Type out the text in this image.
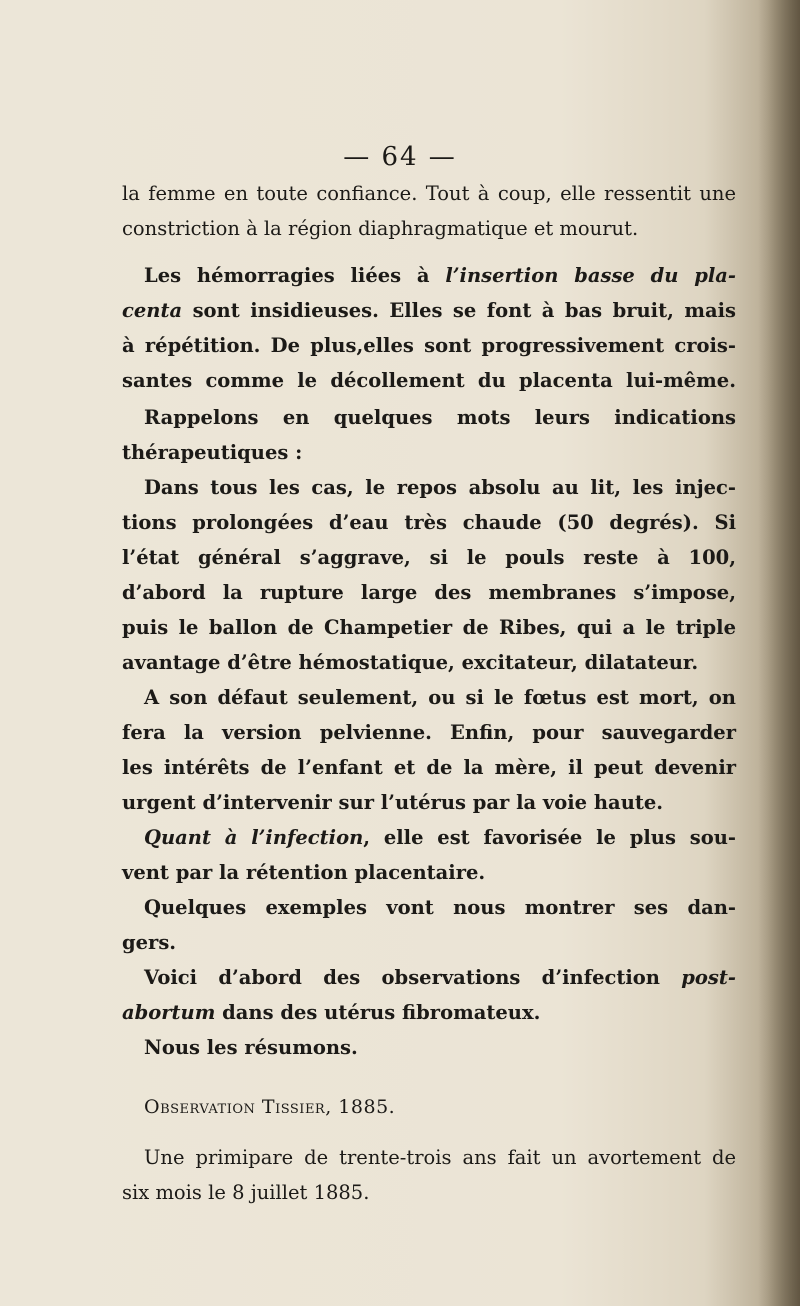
— 64 —
la femme en toute confiance. Tout à coup, elle ressentit une
constriction à la région diaphragmatique et mourut.
Les hémorragies liées à l’insertion basse du pla-
centa sont insidieuses. Elles se font à bas bruit, mais
à répétition. De plus,elles sont progressivement crois-
santes comme le décollement du placenta lui-même.
Rappelons en quelques mots leurs indications
thérapeutiques :
Dans tous les cas, le repos absolu au lit, les injec-
tions prolongées d’eau très chaude (50 degrés). Si
l’état général s’aggrave, si le pouls reste à 100,
d’abord la rupture large des membranes s’impose,
puis le ballon de Champetier de Ribes, qui a le triple
avantage d’être hémostatique, excitateur, dilatateur.
A son défaut seulement, ou si le fœtus est mort, on
fera la version pelvienne. Enfin, pour sauvegarder
les intérêts de l’enfant et de la mère, il peut devenir
urgent d’intervenir sur l’utérus par la voie haute.
Quant à l’infection, elle est favorisée le plus sou-
vent par la rétention placentaire.
Quelques exemples vont nous montrer ses dan-
gers.
Voici d’abord des observations d’infection post-
abortum dans des utérus fibromateux.
Nous les résumons.
Observation Tissier, 1885.
Une primipare de trente-trois ans fait un avortement de
six mois le 8 juillet 1885.
